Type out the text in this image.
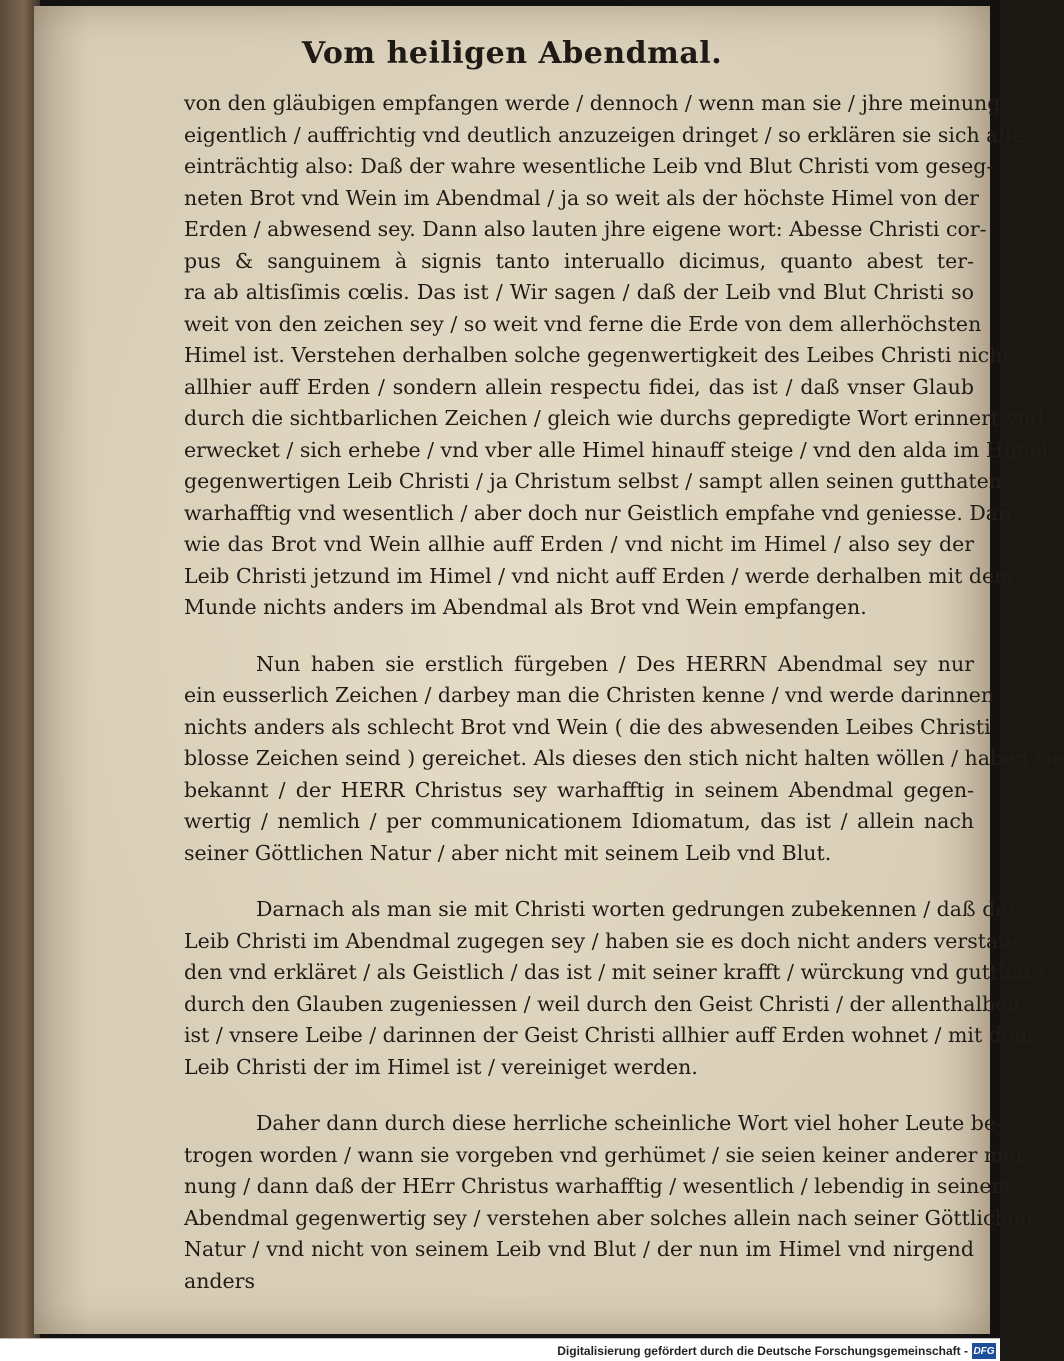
Vom heiligen Abendmal.
von den gläubigen empfangen werde / dennoch / wenn man sie / jhre meinung
eigentlich / auffrichtig vnd deutlich anzuzeigen dringet / so erklären sie sich alle
einträchtig also: Daß der wahre wesentliche Leib vnd Blut Christi vom geseg-
neten Brot vnd Wein im Abendmal / ja so weit als der höchste Himel von der
Erden / abwesend sey. Dann also lauten jhre eigene wort: Abesse Christi cor-
pus & sanguinem à signis tanto interuallo dicimus, quanto abest ter-
ra ab altisſimis cœlis. Das ist / Wir sagen / daß der Leib vnd Blut Christi so
weit von den zeichen sey / so weit vnd ferne die Erde von dem allerhöchsten
Himel ist. Verstehen derhalben solche gegenwertigkeit des Leibes Christi nicht
allhier auff Erden / sondern allein respectu fidei, das ist / daß vnser Glaub
durch die sichtbarlichen Zeichen / gleich wie durchs gepredigte Wort erinnert vnd
erwecket / sich erhebe / vnd vber alle Himel hinauff steige / vnd den alda im Himel
gegenwertigen Leib Christi / ja Christum selbst / sampt allen seinen gutthaten
warhafftig vnd wesentlich / aber doch nur Geistlich empfahe vnd geniesse. Dañ
wie das Brot vnd Wein allhie auff Erden / vnd nicht im Himel / also sey der
Leib Christi jetzund im Himel / vnd nicht auff Erden / werde derhalben mit dem
Munde nichts anders im Abendmal als Brot vnd Wein empfangen.
Nun haben sie erstlich fürgeben / Des HERRN Abendmal sey nur
ein eusserlich Zeichen / darbey man die Christen kenne / vnd werde darinnen
nichts anders als schlecht Brot vnd Wein ( die des abwesenden Leibes Christi
blosse Zeichen seind ) gereichet. Als dieses den stich nicht halten wöllen / haben sie
bekannt / der HERR Christus sey warhafftig in seinem Abendmal gegen-
wertig / nemlich / per communicationem Idiomatum, das ist / allein nach
seiner Göttlichen Natur / aber nicht mit seinem Leib vnd Blut.
Darnach als man sie mit Christi worten gedrungen zubekennen / daß der
Leib Christi im Abendmal zugegen sey / haben sie es doch nicht anders verstan-
den vnd erkläret / als Geistlich / das ist / mit seiner krafft / würckung vnd gutthat /
durch den Glauben zugeniessen / weil durch den Geist Christi / der allenthalben
ist / vnsere Leibe / darinnen der Geist Christi allhier auff Erden wohnet / mit dem
Leib Christi der im Himel ist / vereiniget werden.
Daher dann durch diese herrliche scheinliche Wort viel hoher Leute be-
trogen worden / wann sie vorgeben vnd gerhümet / sie seien keiner anderer mei-
nung / dann daß der HErr Christus warhafftig / wesentlich / lebendig in seinem
Abendmal gegenwertig sey / verstehen aber solches allein nach seiner Göttlichen
Natur / vnd nicht von seinem Leib vnd Blut / der nun im Himel vnd nirgend
anders
Digitalisierung gefördert durch die Deutsche Forschungsgemeinschaft - DFG
